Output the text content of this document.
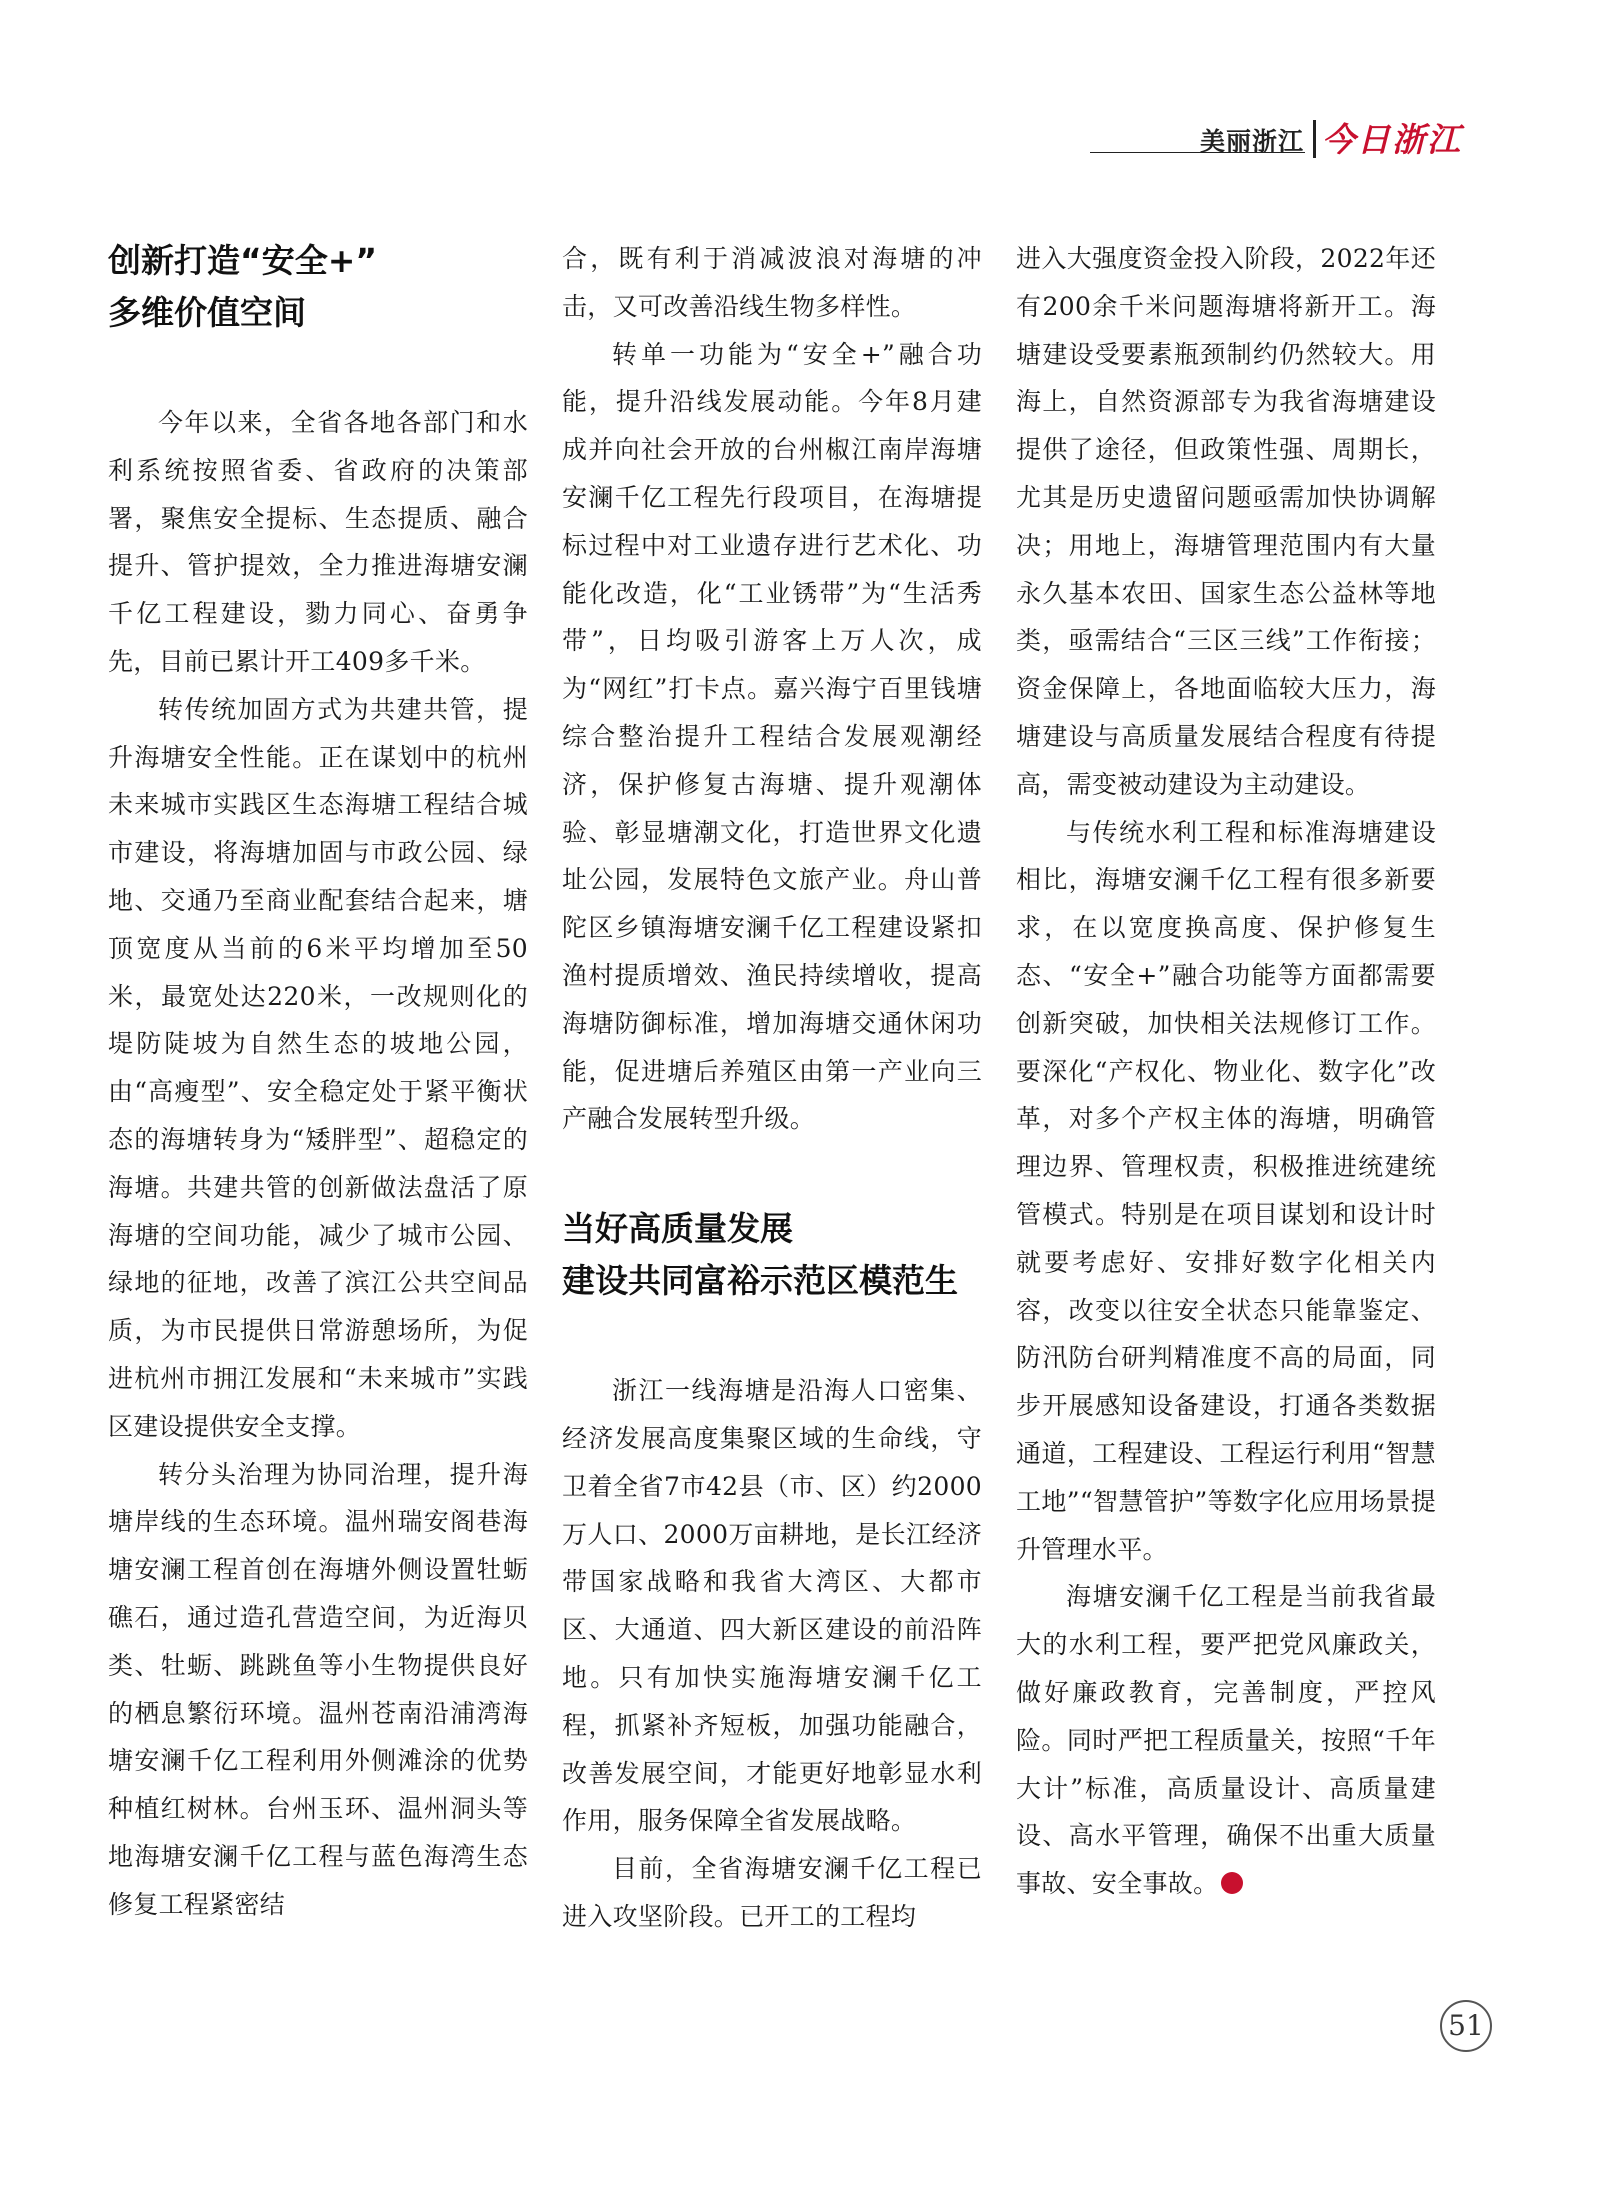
美丽浙江 今日浙江
创新打造“安全+”
多维价值空间

今年以来，全省各地各部门和水利系统按照省委、省政府的决策部署，聚焦安全提标、生态提质、融合提升、管护提效，全力推进海塘安澜千亿工程建设，勠力同心、奋勇争先，目前已累计开工409多千米。

转传统加固方式为共建共管，提升海塘安全性能。正在谋划中的杭州未来城市实践区生态海塘工程结合城市建设，将海塘加固与市政公园、绿地、交通乃至商业配套结合起来，塘顶宽度从当前的6米平均增加至50米，最宽处达220米，一改规则化的堤防陡坡为自然生态的坡地公园，由“高瘦型”、安全稳定处于紧平衡状态的海塘转身为“矮胖型”、超稳定的海塘。共建共管的创新做法盘活了原海塘的空间功能，减少了城市公园、绿地的征地，改善了滨江公共空间品质，为市民提供日常游憩场所，为促进杭州市拥江发展和“未来城市”实践区建设提供安全支撑。

转分头治理为协同治理，提升海塘岸线的生态环境。温州瑞安阁巷海塘安澜工程首创在海塘外侧设置牡蛎礁石，通过造孔营造空间，为近海贝类、牡蛎、跳跳鱼等小生物提供良好的栖息繁衍环境。温州苍南沿浦湾海塘安澜千亿工程利用外侧滩涂的优势种植红树林。台州玉环、温州洞头等地海塘安澜千亿工程与蓝色海湾生态修复工程紧密结

合，既有利于消减波浪对海塘的冲击，又可改善沿线生物多样性。

转单一功能为“安全+”融合功能，提升沿线发展动能。今年8月建成并向社会开放的台州椒江南岸海塘安澜千亿工程先行段项目，在海塘提标过程中对工业遗存进行艺术化、功能化改造，化“工业锈带”为“生活秀带”，日均吸引游客上万人次，成为“网红”打卡点。嘉兴海宁百里钱塘综合整治提升工程结合发展观潮经济，保护修复古海塘、提升观潮体验、彰显塘潮文化，打造世界文化遗址公园，发展特色文旅产业。舟山普陀区乡镇海塘安澜千亿工程建设紧扣渔村提质增效、渔民持续增收，提高海塘防御标准，增加海塘交通休闲功能，促进塘后养殖区由第一产业向三产融合发展转型升级。

当好高质量发展
建设共同富裕示范区模范生

浙江一线海塘是沿海人口密集、经济发展高度集聚区域的生命线，守卫着全省7市42县（市、区）约2000万人口、2000万亩耕地，是长江经济带国家战略和我省大湾区、大都市区、大通道、四大新区建设的前沿阵地。只有加快实施海塘安澜千亿工程，抓紧补齐短板，加强功能融合，改善发展空间，才能更好地彰显水利作用，服务保障全省发展战略。

目前，全省海塘安澜千亿工程已进入攻坚阶段。已开工的工程均

进入大强度资金投入阶段，2022年还有200余千米问题海塘将新开工。海塘建设受要素瓶颈制约仍然较大。用海上，自然资源部专为我省海塘建设提供了途径，但政策性强、周期长，尤其是历史遗留问题亟需加快协调解决；用地上，海塘管理范围内有大量永久基本农田、国家生态公益林等地类，亟需结合“三区三线”工作衔接；资金保障上，各地面临较大压力，海塘建设与高质量发展结合程度有待提高，需变被动建设为主动建设。

与传统水利工程和标准海塘建设相比，海塘安澜千亿工程有很多新要求，在以宽度换高度、保护修复生态、“安全+”融合功能等方面都需要创新突破，加快相关法规修订工作。要深化“产权化、物业化、数字化”改革，对多个产权主体的海塘，明确管理边界、管理权责，积极推进统建统管模式。特别是在项目谋划和设计时就要考虑好、安排好数字化相关内容，改变以往安全状态只能靠鉴定、防汛防台研判精准度不高的局面，同步开展感知设备建设，打通各类数据通道，工程建设、工程运行利用“智慧工地”“智慧管护”等数字化应用场景提升管理水平。

海塘安澜千亿工程是当前我省最大的水利工程，要严把党风廉政关，做好廉政教育，完善制度，严控风险。同时严把工程质量关，按照“千年大计”标准，高质量设计、高质量建设、高水平管理，确保不出重大质量事故、安全事故。

51
